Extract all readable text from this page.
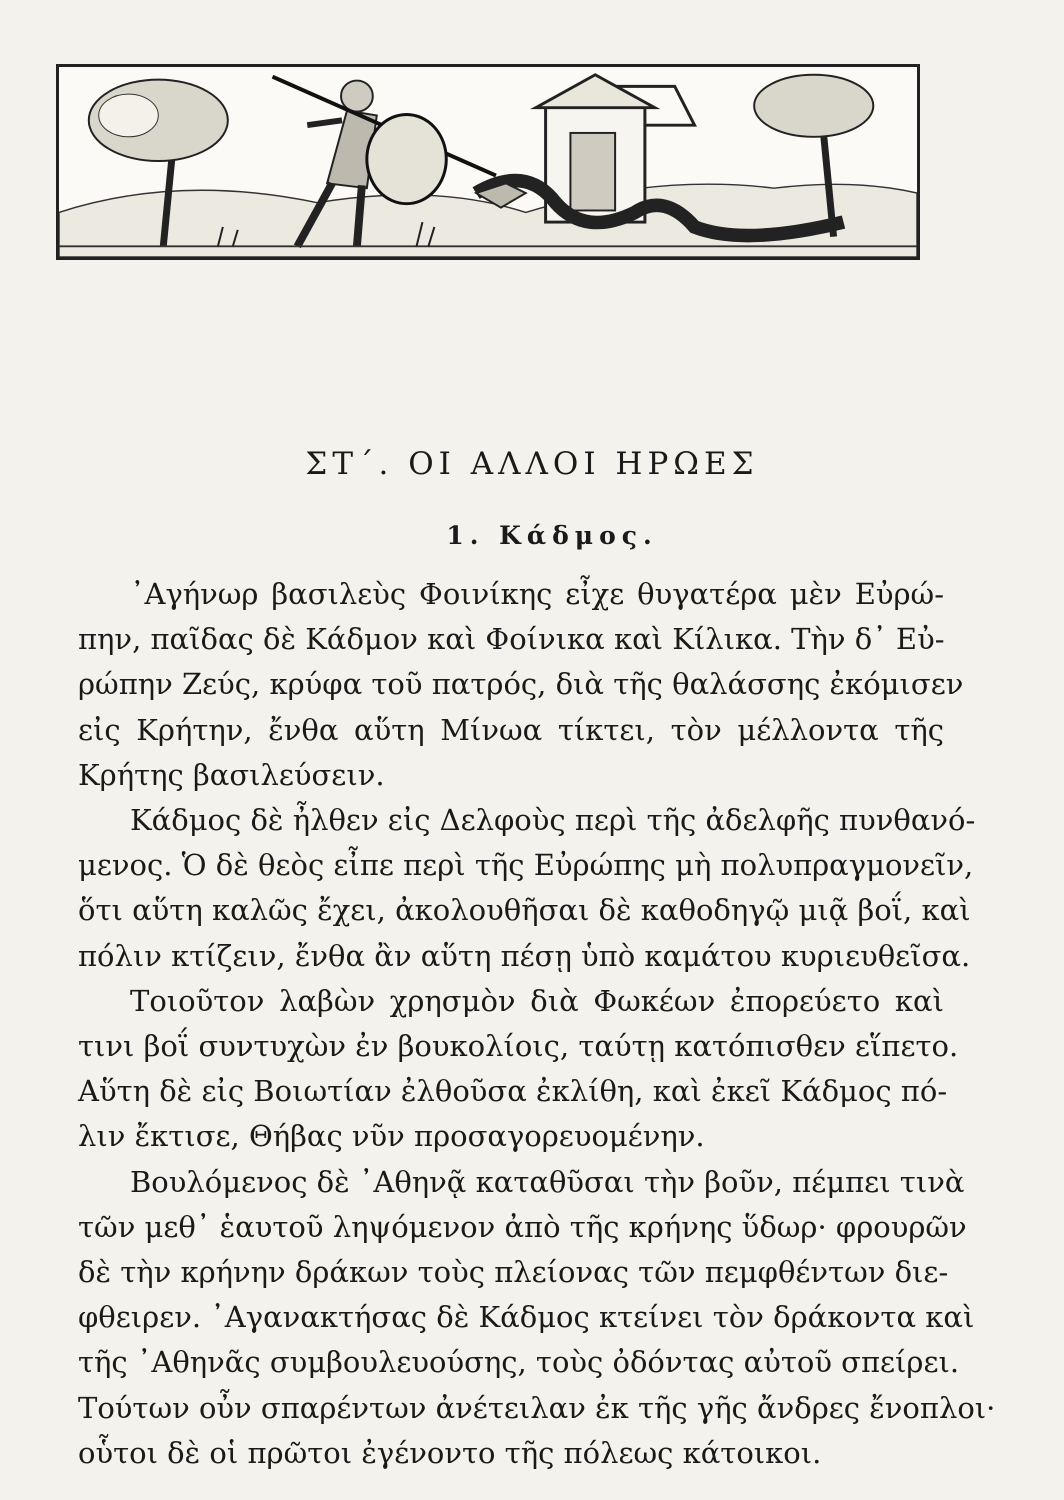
ΣΤ΄. ΟΙ ΑΛΛΟΙ ΗΡΩΕΣ
1. Κάδμος.
᾿Αγήνωρ βασιλεὺς Φοινίκης εἶχε θυγατέρα μὲν Εὐρώ-
πην, παῖδας δὲ Κάδμον καὶ Φοίνικα καὶ Κίλικα. Τὴν δ᾿ Εὐ-
ρώπην Ζεύς, κρύφα τοῦ πατρός, διὰ τῆς θαλάσσης ἐκόμισεν
εἰς Κρήτην, ἔνθα αὕτη Μίνωα τίκτει, τὸν μέλλοντα τῆς
Κρήτης βασιλεύσειν.
Κάδμος δὲ ἦλθεν εἰς Δελφοὺς περὶ τῆς ἀδελφῆς πυνθανό-
μενος. Ὁ δὲ θεὸς εἶπε περὶ τῆς Εὐρώπης μὴ πολυπραγμονεῖν,
ὅτι αὕτη καλῶς ἔχει, ἀκολουθῆσαι δὲ καθοδηγῷ μιᾷ βοΐ, καὶ
πόλιν κτίζειν, ἔνθα ἂν αὕτη πέσῃ ὑπὸ καμάτου κυριευθεῖσα.
Τοιοῦτον λαβὼν χρησμὸν διὰ Φωκέων ἐπορεύετο καὶ
τινι βοΐ συντυχὼν ἐν βουκολίοις, ταύτῃ κατόπισθεν εἵπετο.
Αὕτη δὲ εἰς Βοιωτίαν ἐλθοῦσα ἐκλίθη, καὶ ἐκεῖ Κάδμος πό-
λιν ἔκτισε, Θήβας νῦν προσαγορευομένην.
Βουλόμενος δὲ ᾿Αθηνᾷ καταθῦσαι τὴν βοῦν, πέμπει τινὰ
τῶν μεθ᾿ ἑαυτοῦ ληψόμενον ἀπὸ τῆς κρήνης ὕδωρ· φρουρῶν
δὲ τὴν κρήνην δράκων τοὺς πλείονας τῶν πεμφθέντων διε-
φθειρεν. ᾿Αγανακτήσας δὲ Κάδμος κτείνει τὸν δράκοντα καὶ
τῆς ᾿Αθηνᾶς συμβουλευούσης, τοὺς ὀδόντας αὐτοῦ σπείρει.
Τούτων οὖν σπαρέντων ἀνέτειλαν ἐκ τῆς γῆς ἄνδρες ἔνοπλοι·
οὗτοι δὲ οἱ πρῶτοι ἐγένοντο τῆς πόλεως κάτοικοι.
